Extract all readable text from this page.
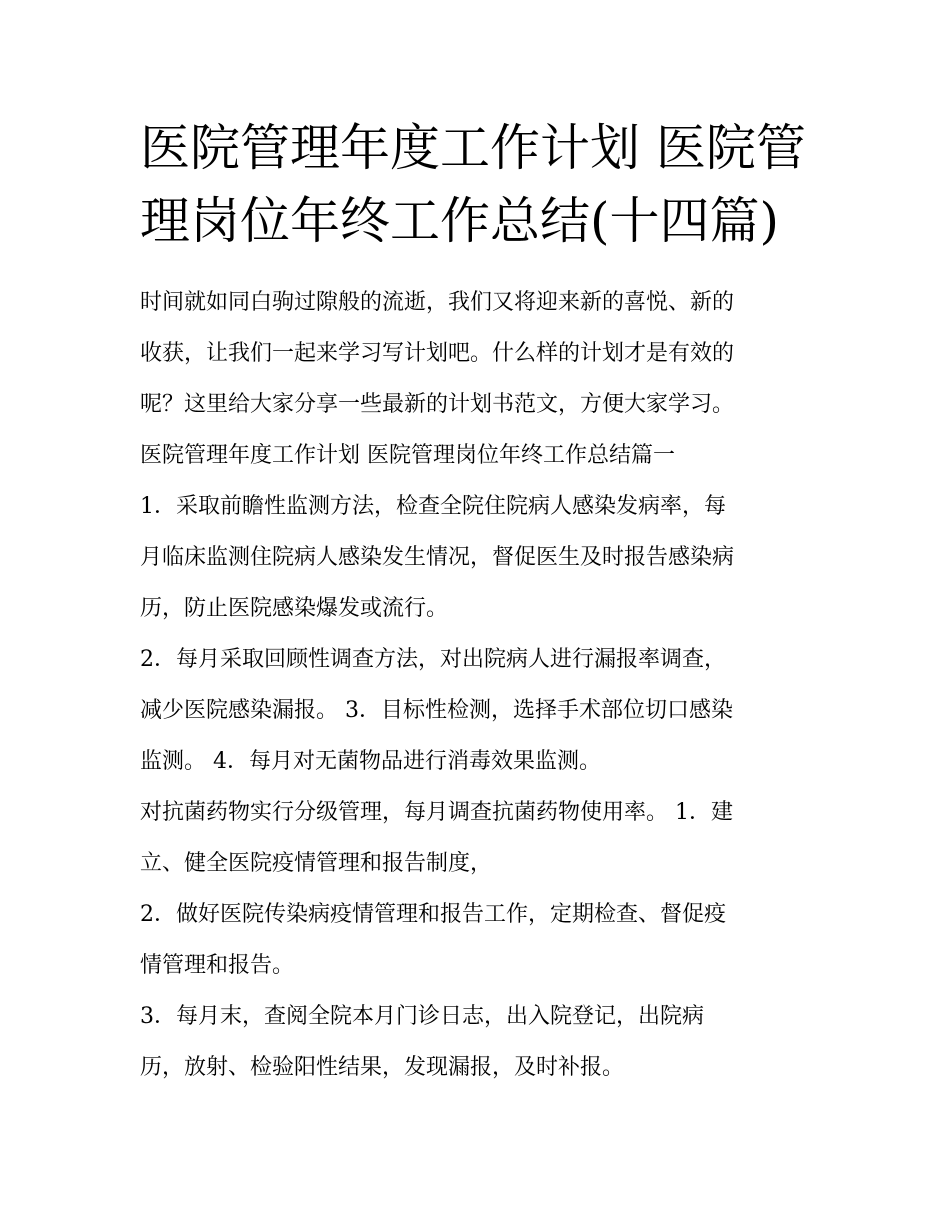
医院管理年度工作计划 医院管
理岗位年终工作总结(十四篇)
时间就如同白驹过隙般的流逝，我们又将迎来新的喜悦、新的
收获，让我们一起来学习写计划吧。什么样的计划才是有效的
呢？这里给大家分享一些最新的计划书范文，方便大家学习。
医院管理年度工作计划 医院管理岗位年终工作总结篇一
1．采取前瞻性监测方法，检查全院住院病人感染发病率，每
月临床监测住院病人感染发生情况，督促医生及时报告感染病
历，防止医院感染爆发或流行。
2．每月采取回顾性调查方法，对出院病人进行漏报率调查，
减少医院感染漏报。 3．目标性检测，选择手术部位切口感染
监测。 4．每月对无菌物品进行消毒效果监测。
对抗菌药物实行分级管理，每月调查抗菌药物使用率。 1．建
立、健全医院疫情管理和报告制度，
2．做好医院传染病疫情管理和报告工作，定期检查、督促疫
情管理和报告。
3．每月末，查阅全院本月门诊日志，出入院登记，出院病
历，放射、检验阳性结果，发现漏报，及时补报。
